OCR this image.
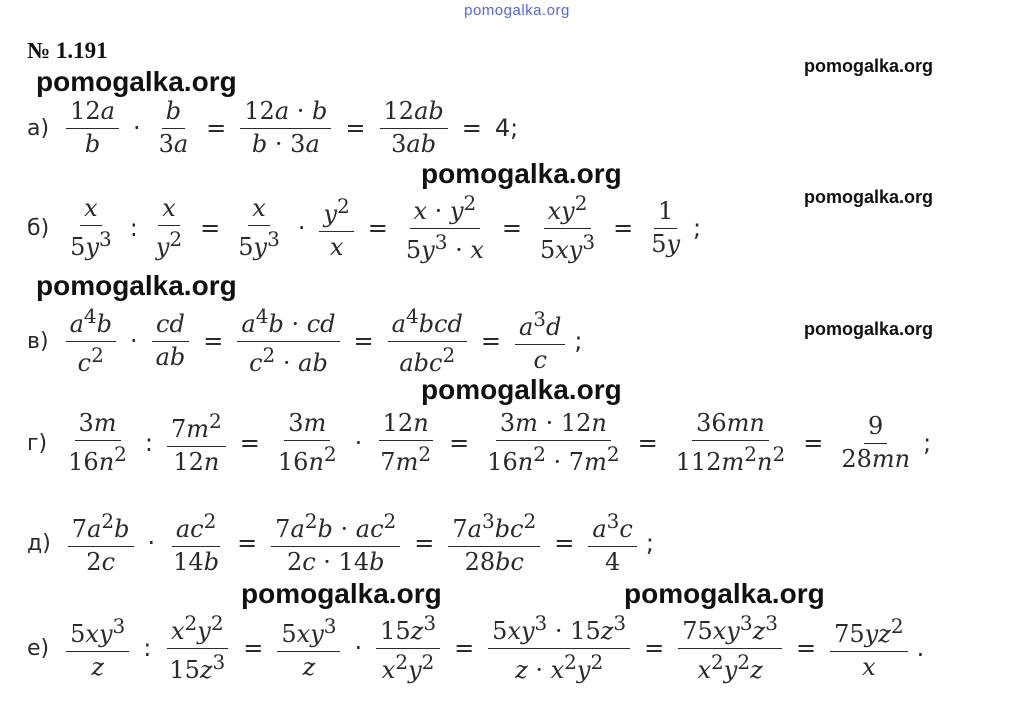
pomogalka.org
№ 1.191
$а) \frac{12a}{b} \cdot \frac{b}{3a} = \frac{12a \cdot b}{b \cdot 3a} = \frac{12ab}{3ab} = 4$;
$б) \frac{x}{5y^3}$ : $\frac{x}{y^2} = \frac{x}{5y^3} \cdot \frac{y^2}{x} = \frac{x \cdot y^2}{5y^3 \cdot x} = \frac{xy^2}{5xy^3} = \frac{1}{5y}$ ;
$в) \frac{a^4b}{c^2} \cdot \frac{cd}{ab} = \frac{a^4b \cdot cd}{c^2 \cdot ab} = \frac{a^4bcd}{abc^2} = \frac{a^3d}{c}$ ;
$г) \frac{3m}{16n^2}$ : $\frac{7m^2}{12n} = \frac{3m}{16n^2} \cdot \frac{12n}{7m^2} = \frac{3m \cdot 12n}{16n^2 \cdot 7m^2} = \frac{36mn}{112m^2n^2} = \frac{9}{28mn}$ ;
$д) \frac{7a^2b}{2c} \cdot \frac{ac^2}{14b} = \frac{7a^2b \cdot ac^2}{2c \cdot 14b} = \frac{7a^3bc^2}{28bc} = \frac{a^3c}{4}$ ;
$е) \frac{5xy^3}{z}$ : $\frac{x^2y^2}{15z^3} = \frac{5xy^3}{z} \cdot \frac{15z^3}{x^2y^2} = \frac{5xy^3 \cdot 15z^3}{z \cdot x^2y^2} = \frac{75xy^3z^3}{x^2y^2z} = \frac{75yz^2}{x}$ .
pomogalka.org	pomogalka.org
pomogalka.org
pomogalka.org
pomogalka.org
pomogalka.org
pomogalka.org
pomogalka.org	pomogalka.org
